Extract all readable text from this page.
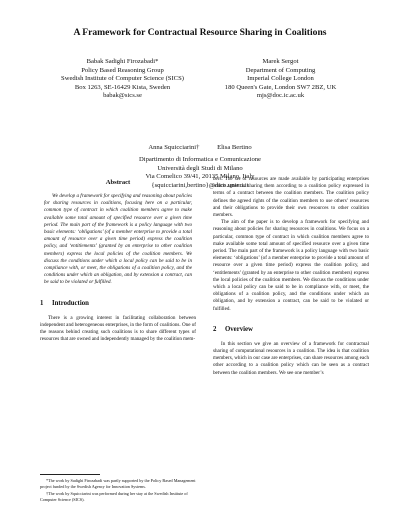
A Framework for Contractual Resource Sharing in Coalitions
Babak Sadighi Firozabadi*
Policy Based Reasoning Group
Swedish Institute of Computer Science (SICS)
Box 1263, SE-16429 Kista, Sweden
babak@sics.se
Marek Sergot
Department of Computing
Imperial College London
180 Queen's Gate, London SW7 2BZ, UK
mjs@doc.ic.ac.uk
Anna Squicciarini†	Elisa Bertino
Dipartimento di Informatica e Comunicazione
Università degli Studi di Milano
Via Comelico 39/41, 20135 Milano, Italy
{squicciarini,bertino}@dico.unimi.it
Abstract

We develop a framework for specifying and reasoning about policies for sharing resources in coalitions, focusing here on a particular, common type of contract in which coalition members agree to make available some total amount of specified resource over a given time period. The main part of the framework is a policy language with two basic elements: ‘obligations’ (of a member enterprise to provide a total amount of resource over a given time period) express the coalition policy, and ‘entitlements’ (granted by an enterprise to other coalition members) express the local policies of the coalition members. We discuss the conditions under which a local policy can be said to be in compliance with, or meet, the obligations of a coalition policy, and the conditions under which an obligation, and by extension a contract, can be said to be violated or fulfilled.

1 Introduction

There is a growing interest in facilitating collaboration between independent and heterogeneous enterprises, in the form of coalitions. One of the reasons behind creating such coalitions is to share different types of resources that are owned and independently managed by the coalition mem-

bers. The set of resources are made available by participating enterprises which agree on sharing them according to a coalition policy expressed in terms of a contract between the coalition members. The coalition policy defines the agreed rights of the coalition members to use others’ resources and their obligations to provide their own resources to other coalition members.

The aim of the paper is to develop a framework for specifying and reasoning about policies for sharing resources in coalitions. We focus on a particular, common type of contract in which coalition members agree to make available some total amount of specified resource over a given time period. The main part of the framework is a policy language with two basic elements: ‘obligations’ (of a member enterprise to provide a total amount of resource over a given time period) express the coalition policy, and ‘entitlements’ (granted by an enterprise to other coalition members) express the local policies of the coalition members. We discuss the conditions under which a local policy can be said to be in compliance with, or meet, the obligations of a coalition policy, and the conditions under which an obligation, and by extension a contract, can be said to be violated or fulfilled.

2 Overview

In this section we give an overview of a framework for contractual sharing of computational resources in a coalition. The idea is that coalition members, which in our case are enterprises, can share resources among each other according to a coalition policy which can be seen as a contract between the coalition members. We see one member’s

*The work by Sadighi Firozabadi was partly supported by the Policy Based Management project funded by the Swedish Agency for Innovation Systems.
†The work by Squicciarini was performed during her stay at the Swedish Institute of Computer Science (SICS).
